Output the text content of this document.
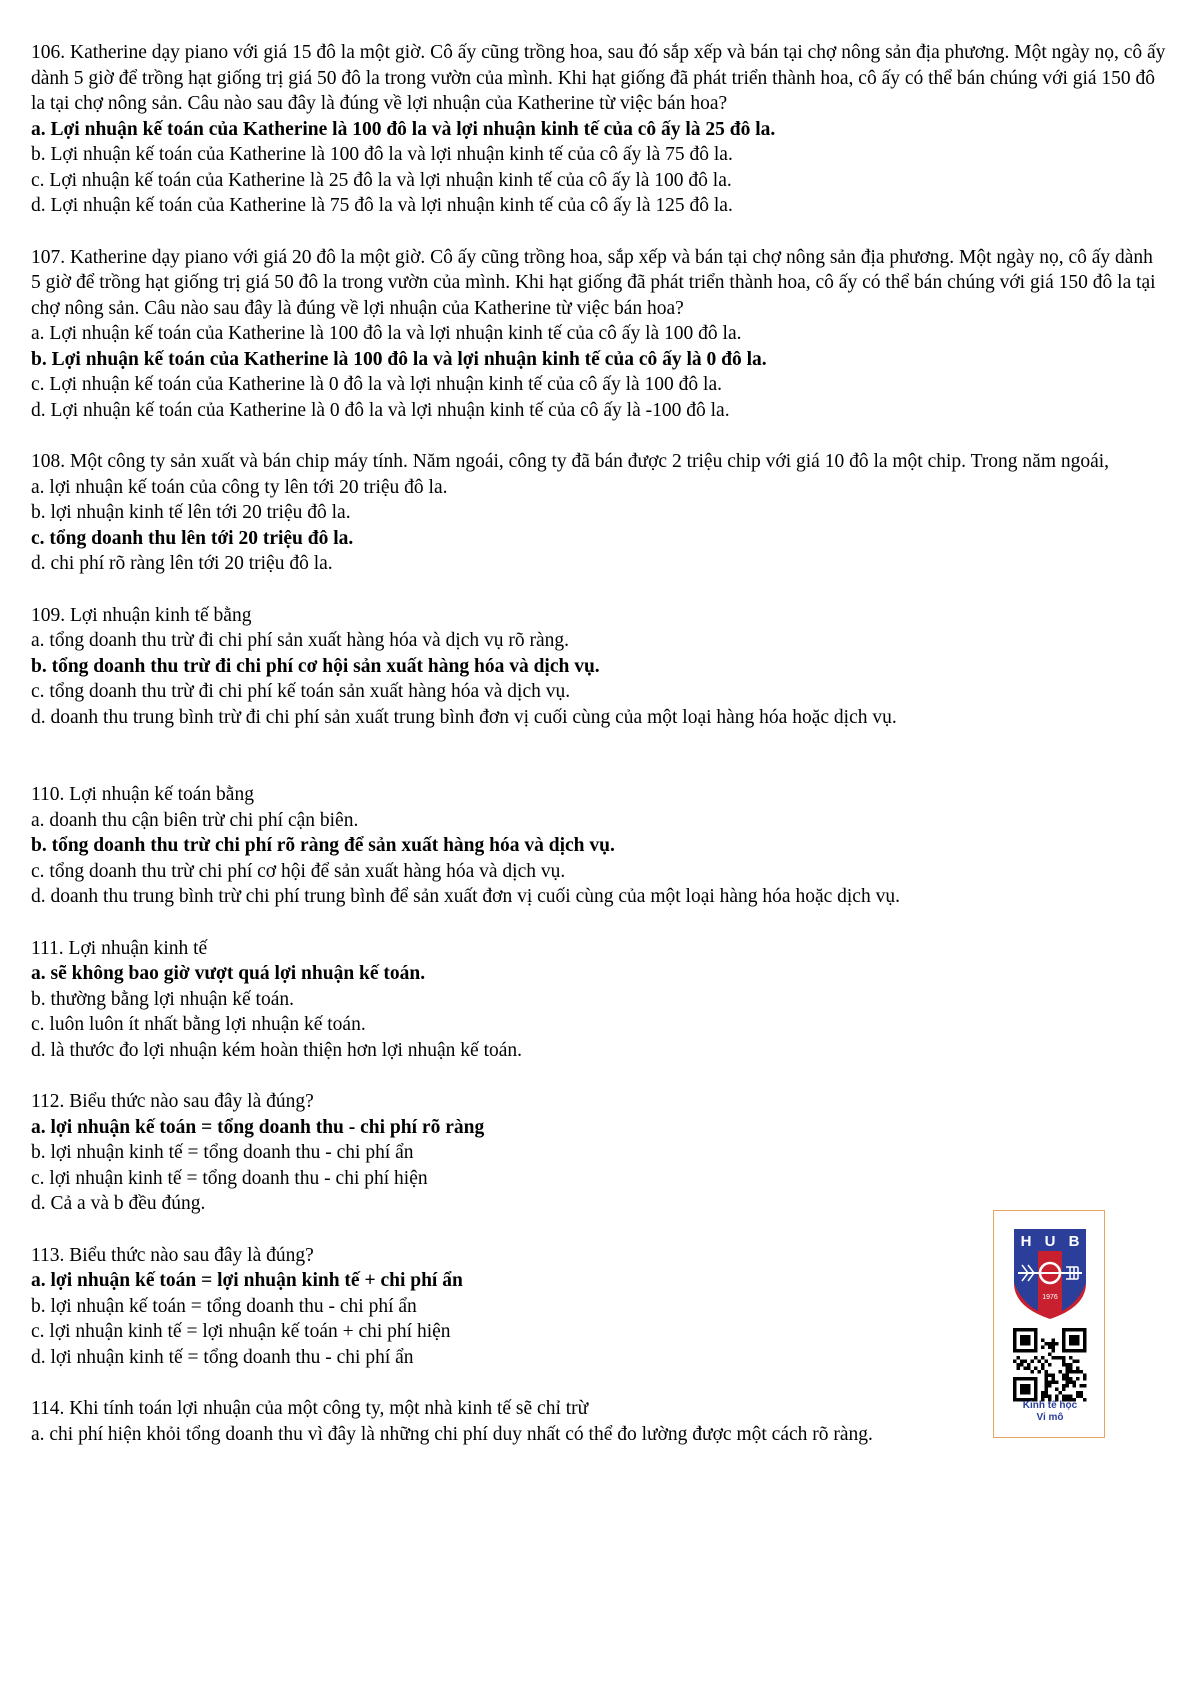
106. Katherine dạy piano với giá 15 đô la một giờ. Cô ấy cũng trồng hoa, sau đó sắp xếp và bán tại chợ nông sản địa phương. Một ngày nọ, cô ấy dành 5 giờ để trồng hạt giống trị giá 50 đô la trong vườn của mình. Khi hạt giống đã phát triển thành hoa, cô ấy có thể bán chúng với giá 150 đô la tại chợ nông sản. Câu nào sau đây là đúng về lợi nhuận của Katherine từ việc bán hoa?
a. Lợi nhuận kế toán của Katherine là 100 đô la và lợi nhuận kinh tế của cô ấy là 25 đô la.
b. Lợi nhuận kế toán của Katherine là 100 đô la và lợi nhuận kinh tế của cô ấy là 75 đô la.
c. Lợi nhuận kế toán của Katherine là 25 đô la và lợi nhuận kinh tế của cô ấy là 100 đô la.
d. Lợi nhuận kế toán của Katherine là 75 đô la và lợi nhuận kinh tế của cô ấy là 125 đô la.
107. Katherine dạy piano với giá 20 đô la một giờ. Cô ấy cũng trồng hoa, sắp xếp và bán tại chợ nông sản địa phương. Một ngày nọ, cô ấy dành 5 giờ để trồng hạt giống trị giá 50 đô la trong vườn của mình. Khi hạt giống đã phát triển thành hoa, cô ấy có thể bán chúng với giá 150 đô la tại chợ nông sản. Câu nào sau đây là đúng về lợi nhuận của Katherine từ việc bán hoa?
a. Lợi nhuận kế toán của Katherine là 100 đô la và lợi nhuận kinh tế của cô ấy là 100 đô la.
b. Lợi nhuận kế toán của Katherine là 100 đô la và lợi nhuận kinh tế của cô ấy là 0 đô la.
c. Lợi nhuận kế toán của Katherine là 0 đô la và lợi nhuận kinh tế của cô ấy là 100 đô la.
d. Lợi nhuận kế toán của Katherine là 0 đô la và lợi nhuận kinh tế của cô ấy là -100 đô la.
108. Một công ty sản xuất và bán chip máy tính. Năm ngoái, công ty đã bán được 2 triệu chip với giá 10 đô la một chip. Trong năm ngoái,
a. lợi nhuận kế toán của công ty lên tới 20 triệu đô la.
b. lợi nhuận kinh tế lên tới 20 triệu đô la.
c. tổng doanh thu lên tới 20 triệu đô la.
d. chi phí rõ ràng lên tới 20 triệu đô la.
109. Lợi nhuận kinh tế bằng
a. tổng doanh thu trừ đi chi phí sản xuất hàng hóa và dịch vụ rõ ràng.
b. tổng doanh thu trừ đi chi phí cơ hội sản xuất hàng hóa và dịch vụ.
c. tổng doanh thu trừ đi chi phí kế toán sản xuất hàng hóa và dịch vụ.
d. doanh thu trung bình trừ đi chi phí sản xuất trung bình đơn vị cuối cùng của một loại hàng hóa hoặc dịch vụ.
110. Lợi nhuận kế toán bằng
a. doanh thu cận biên trừ chi phí cận biên.
b. tổng doanh thu trừ chi phí rõ ràng để sản xuất hàng hóa và dịch vụ.
c. tổng doanh thu trừ chi phí cơ hội để sản xuất hàng hóa và dịch vụ.
d. doanh thu trung bình trừ chi phí trung bình để sản xuất đơn vị cuối cùng của một loại hàng hóa hoặc dịch vụ.
111. Lợi nhuận kinh tế
a. sẽ không bao giờ vượt quá lợi nhuận kế toán.
b. thường bằng lợi nhuận kế toán.
c. luôn luôn ít nhất bằng lợi nhuận kế toán.
d. là thước đo lợi nhuận kém hoàn thiện hơn lợi nhuận kế toán.
112. Biểu thức nào sau đây là đúng?
a. lợi nhuận kế toán = tổng doanh thu - chi phí rõ ràng
b. lợi nhuận kinh tế = tổng doanh thu - chi phí ẩn
c. lợi nhuận kinh tế = tổng doanh thu - chi phí hiện
d. Cả a và b đều đúng.
113. Biểu thức nào sau đây là đúng?
a. lợi nhuận kế toán = lợi nhuận kinh tế + chi phí ẩn
b. lợi nhuận kế toán = tổng doanh thu - chi phí ẩn
c. lợi nhuận kinh tế = lợi nhuận kế toán + chi phí hiện
d. lợi nhuận kinh tế = tổng doanh thu - chi phí ẩn
114. Khi tính toán lợi nhuận của một công ty, một nhà kinh tế sẽ chỉ trừ
a. chi phí hiện khỏi tổng doanh thu vì đây là những chi phí duy nhất có thể đo lường được một cách rõ ràng.
H U B
1976
Kinh tế học
Vi mô
